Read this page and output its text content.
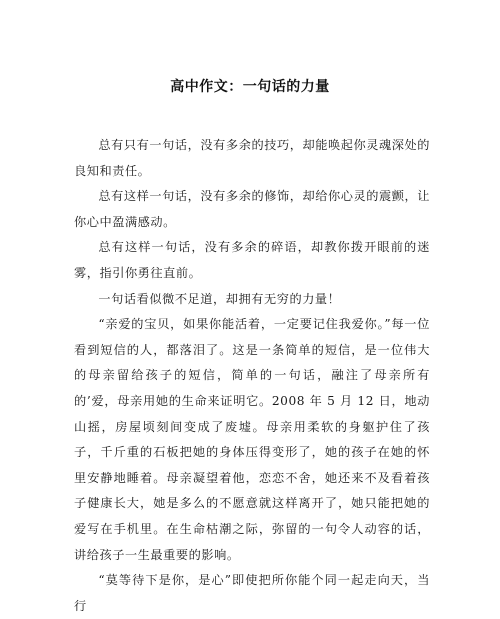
高中作文：一句话的力量

总有只有一句话，没有多余的技巧，却能唤起你灵魂深处的良知和责任。

总有这样一句话，没有多余的修饰，却给你心灵的震颤，让你心中盈满感动。

总有这样一句话，没有多余的碎语，却教你拨开眼前的迷雾，指引你勇往直前。

一句话看似微不足道，却拥有无穷的力量！

“亲爱的宝贝，如果你能活着，一定要记住我爱你。”每一位看到短信的人，都落泪了。这是一条简单的短信，是一位伟大的母亲留给孩子的短信，简单的一句话，融注了母亲所有的’爱，母亲用她的生命来证明它。2008 年 5 月 12 日，地动山摇，房屋顷刻间变成了废墟。母亲用柔软的身躯护住了孩子，千斤重的石板把她的身体压得变形了，她的孩子在她的怀里安静地睡着。母亲凝望着他，恋恋不舍，她还来不及看着孩子健康长大，她是多么的不愿意就这样离开了，她只能把她的爱写在手机里。在生命枯潮之际，弥留的一句令人动容的话，讲给孩子一生最重要的影响。

“莫等待下是你，是心”即使把所你能个同一起走向天，当行
